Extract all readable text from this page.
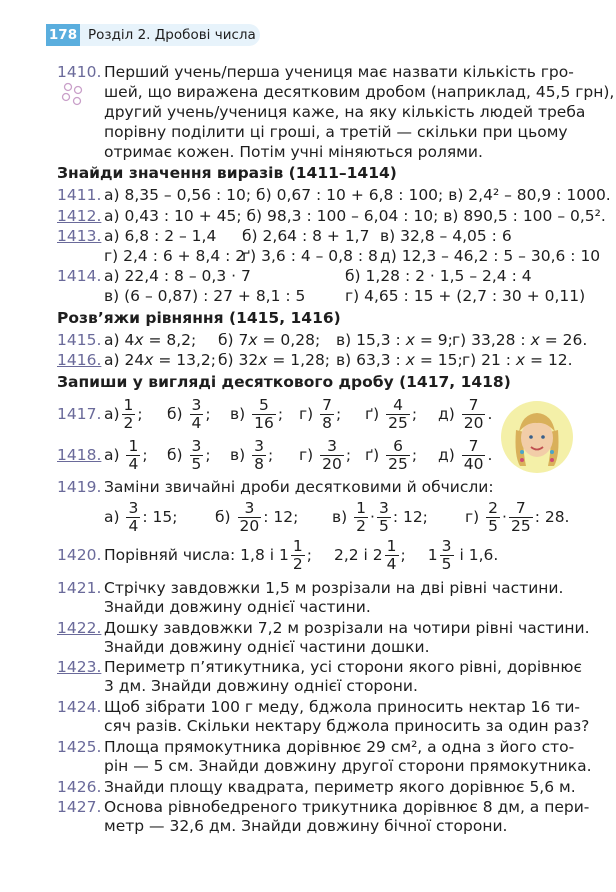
178 Розділ 2. Дробові числа
1410. Перший учень/перша учениця має назвати кількість гро-
шей, що виражена десятковим дробом (наприклад, 45,5 грн),
другий учень/учениця каже, на яку кількість людей треба
порівну поділити ці гроші, а третій — скільки при цьому
отримає кожен. Потім учні міняються ролями.
Знайди значення виразів (1411–1414)
1411. а) 8,35 – 0,56 : 10; б) 0,67 : 10 + 6,8 : 100; в) 2,4² – 80,9 : 1000.
1412. а) 0,43 : 10 + 45; б) 98,3 : 100 – 6,04 : 10; в) 890,5 : 100 – 0,5².
1413. а) 6,8 : 2 – 1,4 б) 2,64 : 8 + 1,7 в) 32,8 – 4,05 : 6
г) 2,4 : 6 + 8,4 : 2
ґ) 3,6 : 4 – 0,8 : 8 д) 12,3 – 46,2 : 5 – 30,6 : 10
1414. а) 22,4 : 8 – 0,3 · 7	б) 1,28 : 2 · 1,5 – 2,4 : 4
в) (6 – 0,87) : 27 + 8,1 : 5	г) 4,65 : 15 + (2,7 : 30 + 0,11)
Розв’яжи рівняння (1415, 1416)
1415. а) 4x = 8,2; б) 7x = 0,28; в) 15,3 : x = 9; г) 33,28 : x = 26.
1416. а) 24x = 13,2; б) 32x = 1,28; в) 63,3 : x = 15; г) 21 : x = 12.
Запиши у вигляді десяткового дробу (1417, 1418)
1417. $а) \frac{1}{2}$ ; б)
$\frac{3}{4}$ ; в)
$\frac{5}{16}$ ; г)
$\frac{7}{8}$ ; ґ)
$\frac{4}{25}$ ; д)
$\frac{7}{20}$ .
1418. а)
$\frac{1}{4}$ ; б)
$\frac{3}{5}$ ; в)
$\frac{3}{8}$ ; г)
$\frac{3}{20}$ ; ґ)
$\frac{6}{25}$ ; д)
$\frac{7}{40}$ .
1419. Заміни звичайні дроби десятковими й обчисли:
а)
$\frac{3}{4}$ : 15; б)
$\frac{3}{20}$ : 12; в)
$\frac{1}{2} \cdot \frac{3}{5}$ : 12; г)
$\frac{2}{5} \cdot \frac{7}{25}$ : 28.
1420. Порівняй числа: 1,8 і $1 \frac{1}{2}$ ; 2,2 і $2 \frac{1}{4}$ ; $1 \frac{3}{5}$ і 1,6.
1421. Стрічку завдовжки 1,5 м розрізали на дві рівні частини.
Знайди довжину однієї частини.
1422. Дошку завдовжки 7,2 м розрізали на чотири рівні частини.
Знайди довжину однієї частини дошки.
1423. Периметр п’ятикутника, усі сторони якого рівні, дорівнює
3 дм. Знайди довжину однієї сторони.
1424. Щоб зібрати 100 г меду, бджола приносить нектар 16 ти-
сяч разів. Скільки нектару бджола приносить за один раз?
1425. Площа прямокутника дорівнює 29 см², а одна з його сто-
рін — 5 см. Знайди довжину другої сторони прямокутника.
1426. Знайди площу квадрата, периметр якого дорівнює 5,6 м.
1427. Основа рівнобедреного трикутника дорівнює 8 дм, а пери-
метр — 32,6 дм. Знайди довжину бічної сторони.
